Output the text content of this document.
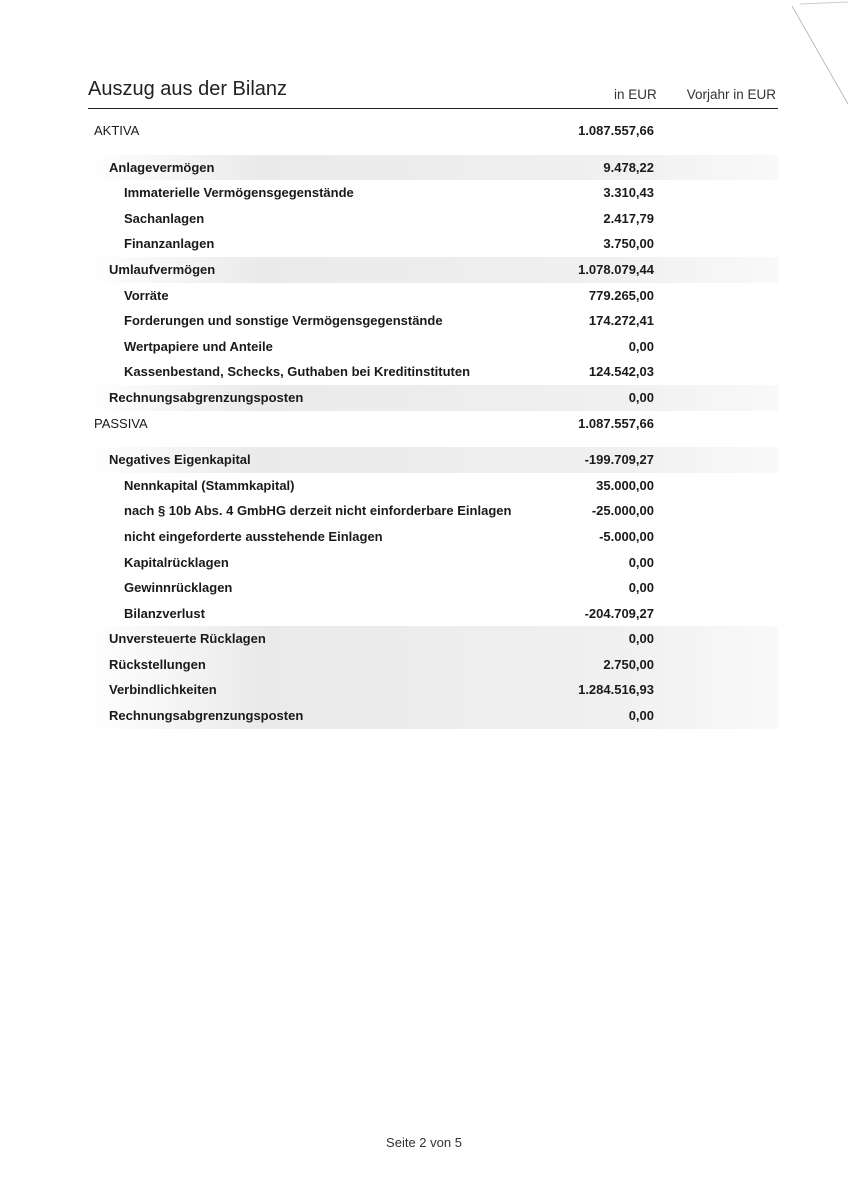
Auszug aus der Bilanz	in EUR Vorjahr in EUR
AKTIVA	1.087.557,66
Anlagevermögen	9.478,22
Immaterielle Vermögensgegenstände	3.310,43
Sachanlagen	2.417,79
Finanzanlagen	3.750,00
Umlaufvermögen	1.078.079,44
Vorräte	779.265,00
Forderungen und sonstige Vermögensgegenstände	174.272,41
Wertpapiere und Anteile	0,00
Kassenbestand, Schecks, Guthaben bei Kreditinstituten	124.542,03
Rechnungsabgrenzungsposten	0,00
PASSIVA	1.087.557,66
Negatives Eigenkapital	-199.709,27
Nennkapital (Stammkapital)	35.000,00
nach § 10b Abs. 4 GmbHG derzeit nicht einforderbare Einlagen	-25.000,00
nicht eingeforderte ausstehende Einlagen	-5.000,00
Kapitalrücklagen	0,00
Gewinnrücklagen	0,00
Bilanzverlust	-204.709,27
Unversteuerte Rücklagen	0,00
Rückstellungen	2.750,00
Verbindlichkeiten	1.284.516,93
Rechnungsabgrenzungsposten	0,00
Seite 2 von 5
